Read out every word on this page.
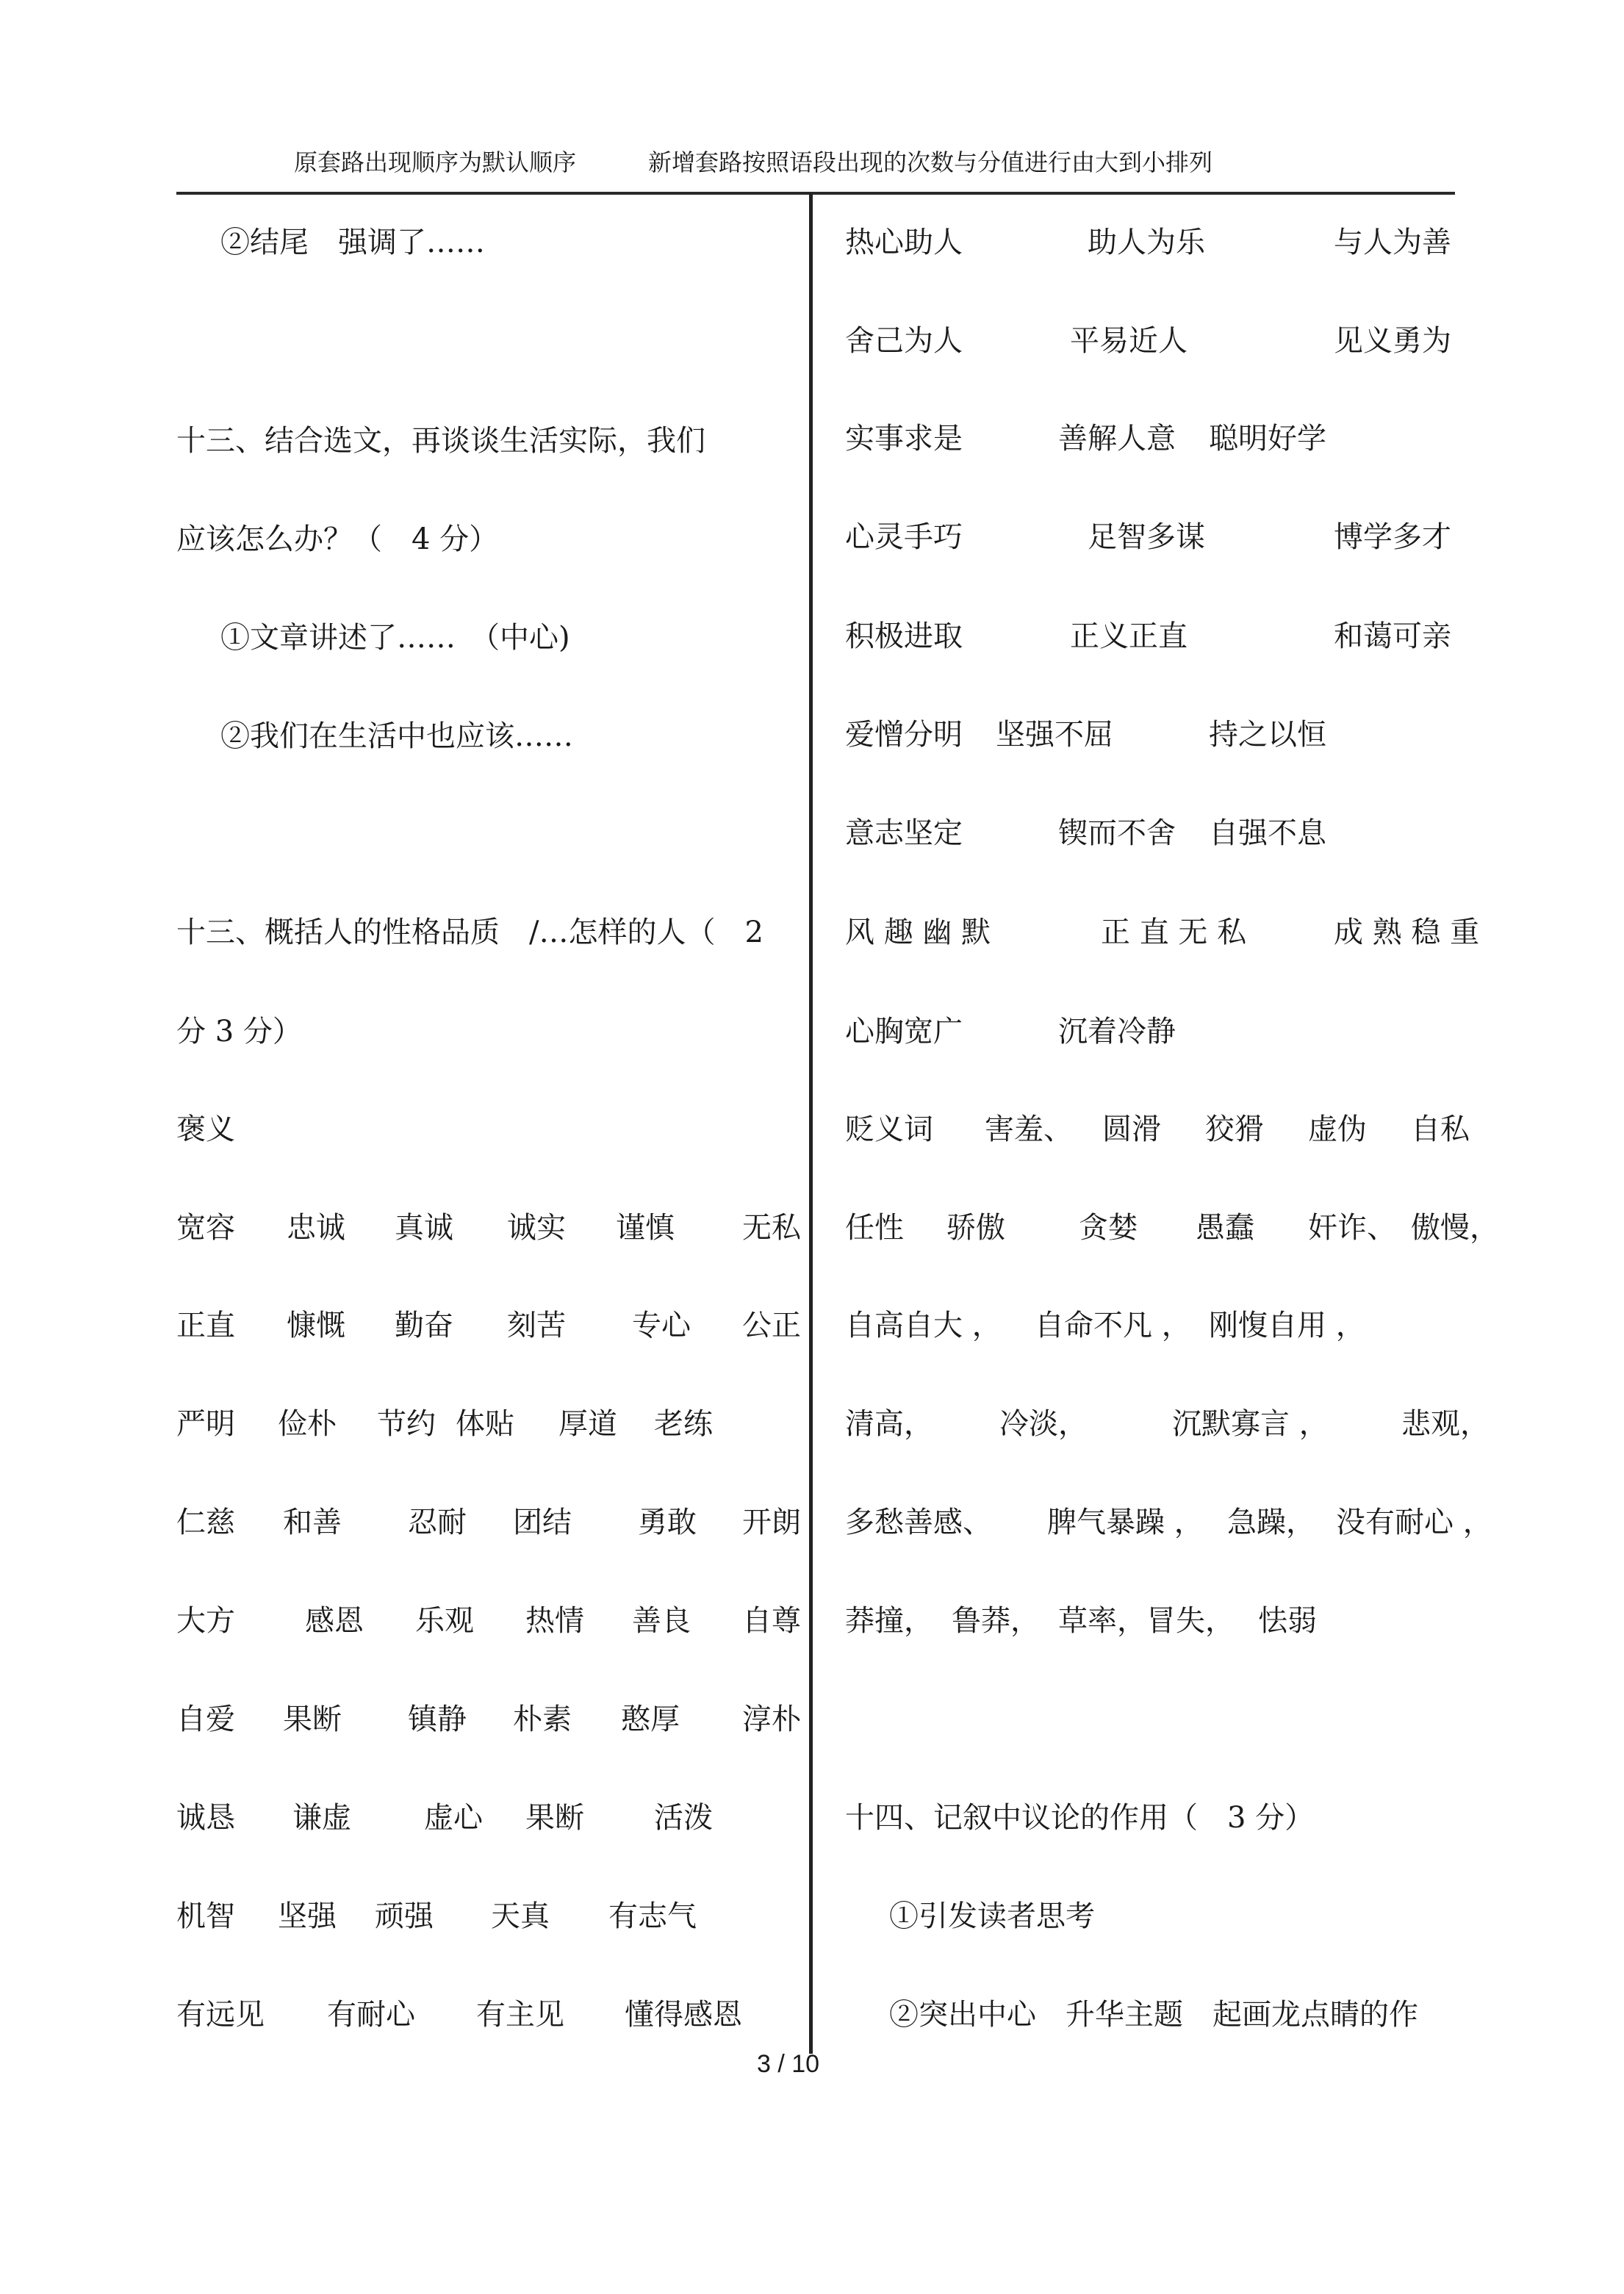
原套路出现顺序为默认顺序	新增套路按照语段出现的次数与分值进行由大到小排列
②结尾　强调了……
十三、结合选文，再谈谈生活实际，我们
应该怎么办？（　4 分）
①文章讲述了……　（中心)
②我们在生活中也应该……
十三、概括人的性格品质　/…怎样的人（　2
分 3 分）
褒义
宽容 忠诚 真诚 诚实 谨慎 无私
正直 慷慨 勤奋 刻苦 专心 公正
严明 俭朴 节约 体贴 厚道 老练
仁慈 和善 忍耐 团结 勇敢 开朗
大方 感恩 乐观 热情 善良 自尊
自爱 果断 镇静 朴素 憨厚 淳朴
诚恳 谦虚 虚心 果断 活泼
机智 坚强 顽强 天真 有志气
有远见 有耐心 有主见 懂得感恩
热心助人	助人为乐	与人为善
舍己为人	平易近人	见义勇为
实事求是	善解人意 聪明好学
心灵手巧	足智多谋	博学多才
积极进取	正义正直	和蔼可亲
爱憎分明 坚强不屈	持之以恒
意志坚定	锲而不舍 自强不息
风 趣 幽 默	正 直 无 私	成 熟 稳 重
心胸宽广	沉着冷静
贬义词 害羞、 圆滑 狡猾 虚伪 自私
任性 骄傲	贪婪 愚蠢 奸诈、 傲慢，
自高自大 ， 自命不凡 ， 刚愎自用 ，
清高， 冷淡，	沉默寡言 ， 悲观，
多愁善感、 脾气暴躁 ， 急躁， 没有耐心 ，
莽撞， 鲁莽， 草率，冒失， 怯弱
十四、记叙中议论的作用（　3 分）
①引发读者思考
②突出中心　升华主题　起画龙点睛的作
3 / 10
